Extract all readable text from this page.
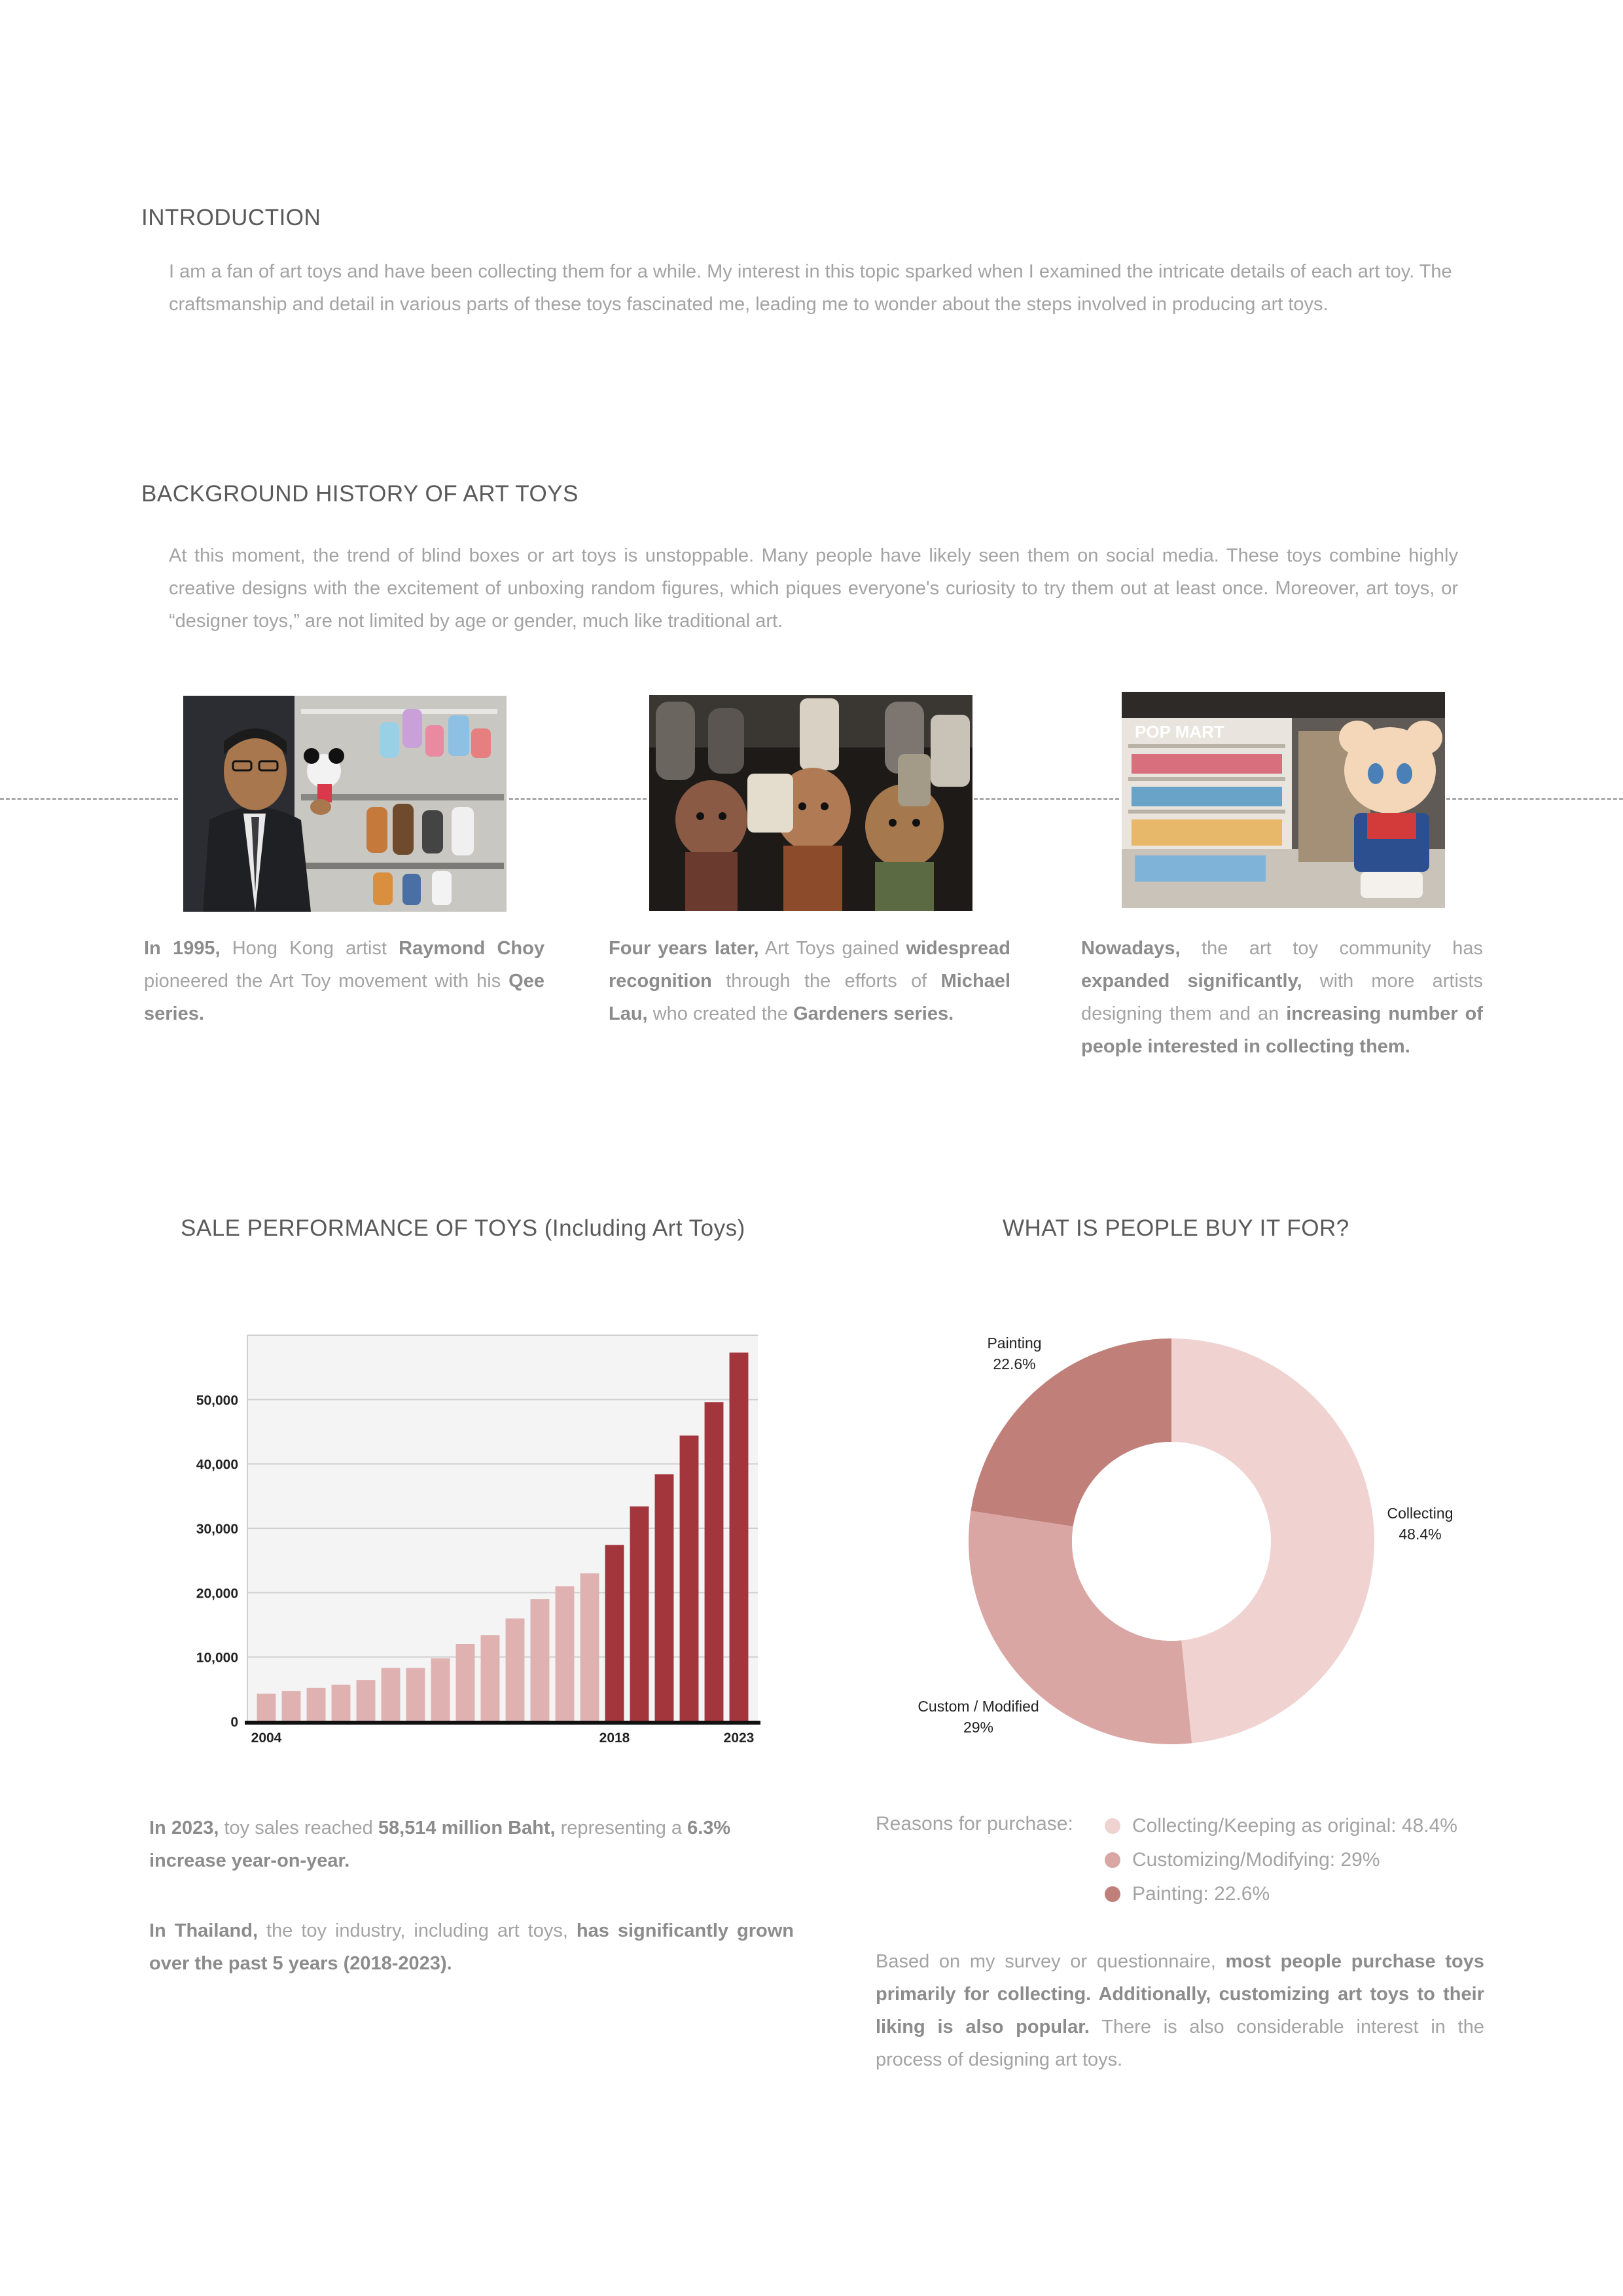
INTRODUCTION
I am a fan of art toys and have been collecting them for a while. My interest in this topic sparked when I examined the intricate details of each art toy. The craftsmanship and detail in various parts of these toys fascinated me, leading me to wonder about the steps involved in producing art toys.
BACKGROUND HISTORY OF ART TOYS
At this moment, the trend of blind boxes or art toys is unstoppable. Many people have likely seen them on social media. These toys combine highly creative designs with the excitement of unboxing random figures, which piques everyone's curiosity to try them out at least once. Moreover, art toys, or “designer toys,” are not limited by age or gender, much like traditional art.
POP MART
In 1995, Hong Kong artist Raymond Choy pioneered the Art Toy movement with his Qee series.
Four years later, Art Toys gained widespread recognition through the efforts of Michael Lau, who created the Gardeners series.
Nowadays, the art toy community has expanded significantly, with more artists designing them and an increasing number of people interested in collecting them.
SALE PERFORMANCE OF TOYS (Including Art Toys)
0
10,000
20,000
30,000
40,000
50,000
2004	2018	2023
In 2023, toy sales reached 58,514 million Baht, representing a 6.3% increase year-on-year.
In Thailand, the toy industry, including art toys, has significantly grown over the past 5 years (2018-2023).
WHAT IS PEOPLE BUY IT FOR?
Collecting
48.4%
Custom / Modified
29%
Painting
22.6%
Reasons for purchase:	Collecting/Keeping as original: 48.4%
Customizing/Modifying: 29%
Painting: 22.6%
Based on my survey or questionnaire, most people purchase toys primarily for collecting. Additionally, customizing art toys to their liking is also popular. There is also considerable interest in the process of designing art toys.
